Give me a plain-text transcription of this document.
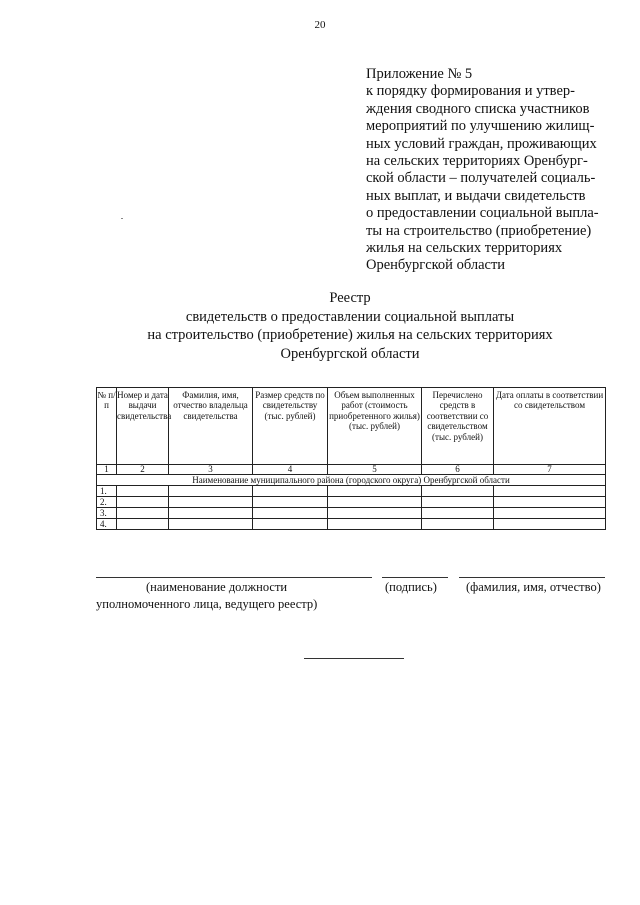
20
Приложение № 5
к порядку формирования и утвер-
ждения сводного списка участников
мероприятий по улучшению жилищ-
ных условий граждан, проживающих
на сельских территориях Оренбург-
ской области – получателей социаль-
ных выплат, и выдачи свидетельств
о предоставлении социальной выпла-
ты на строительство (приобретение)
жилья на сельских территориях
Оренбургской области
Реестр
свидетельств о предоставлении социальной выплаты
на строительство (приобретение) жилья на сельских территориях
Оренбургской области
№ п/п	Номер и дата выдачи свидетельства	Фамилия, имя, отчество владельца свидетельства	Размер средств по свидетельству (тыс. рублей)	Объем выполненных работ (стоимость приобретенного жилья) (тыс. рублей)	Перечислено средств в соответствии со свидетельством (тыс. рублей)	Дата оплаты в соответствии со свидетельством
1	2	3	4	5	6	7
Наименование муниципального района (городского округа) Оренбургской области						
1.						
2.						
3.						
4.						
(наименование должности
уполномоченного лица, ведущего реестр)
(подпись) (фамилия, имя, отчество)
